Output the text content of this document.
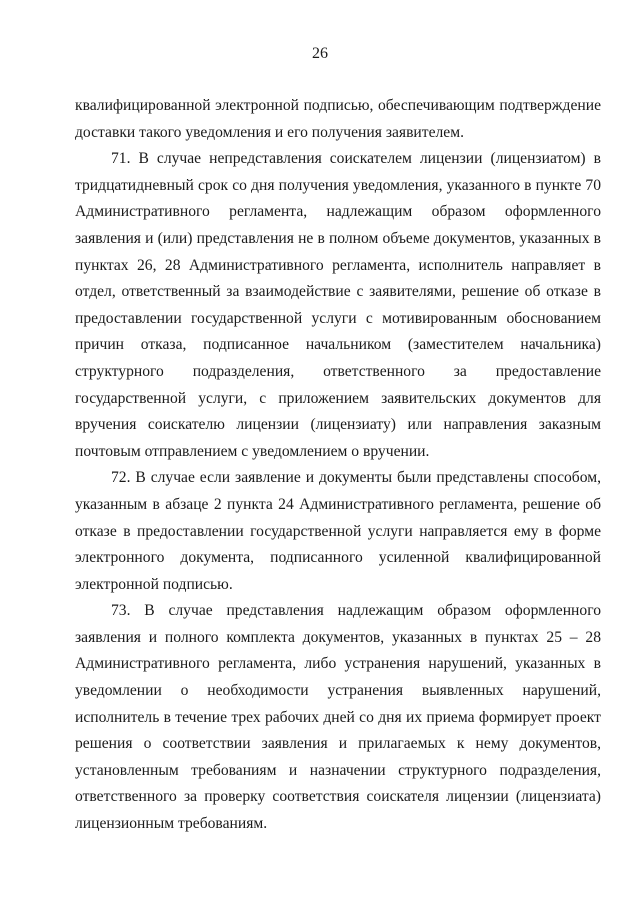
26

квалифицированной электронной подписью, обеспечивающим подтверждение доставки такого уведомления и его получения заявителем.

71. В случае непредставления соискателем лицензии (лицензиатом) в тридцатидневный срок со дня получения уведомления, указанного в пункте 70 Административного регламента, надлежащим образом оформленного заявления и (или) представления не в полном объеме документов, указанных в пунктах 26, 28 Административного регламента, исполнитель направляет в отдел, ответственный за взаимодействие с заявителями, решение об отказе в предоставлении государственной услуги с мотивированным обоснованием причин отказа, подписанное начальником (заместителем начальника) структурного подразделения, ответственного за предоставление государственной услуги, с приложением заявительских документов для вручения соискателю лицензии (лицензиату) или направления заказным почтовым отправлением с уведомлением о вручении.

72. В случае если заявление и документы были представлены способом, указанным в абзаце 2 пункта 24 Административного регламента, решение об отказе в предоставлении государственной услуги направляется ему в форме электронного документа, подписанного усиленной квалифицированной электронной подписью.

73. В случае представления надлежащим образом оформленного заявления и полного комплекта документов, указанных в пунктах 25 – 28 Административного регламента, либо устранения нарушений, указанных в уведомлении о необходимости устранения выявленных нарушений, исполнитель в течение трех рабочих дней со дня их приема формирует проект решения о соответствии заявления и прилагаемых к нему документов, установленным требованиям и назначении структурного подразделения, ответственного за проверку соответствия соискателя лицензии (лицензиата) лицензионным требованиям.
